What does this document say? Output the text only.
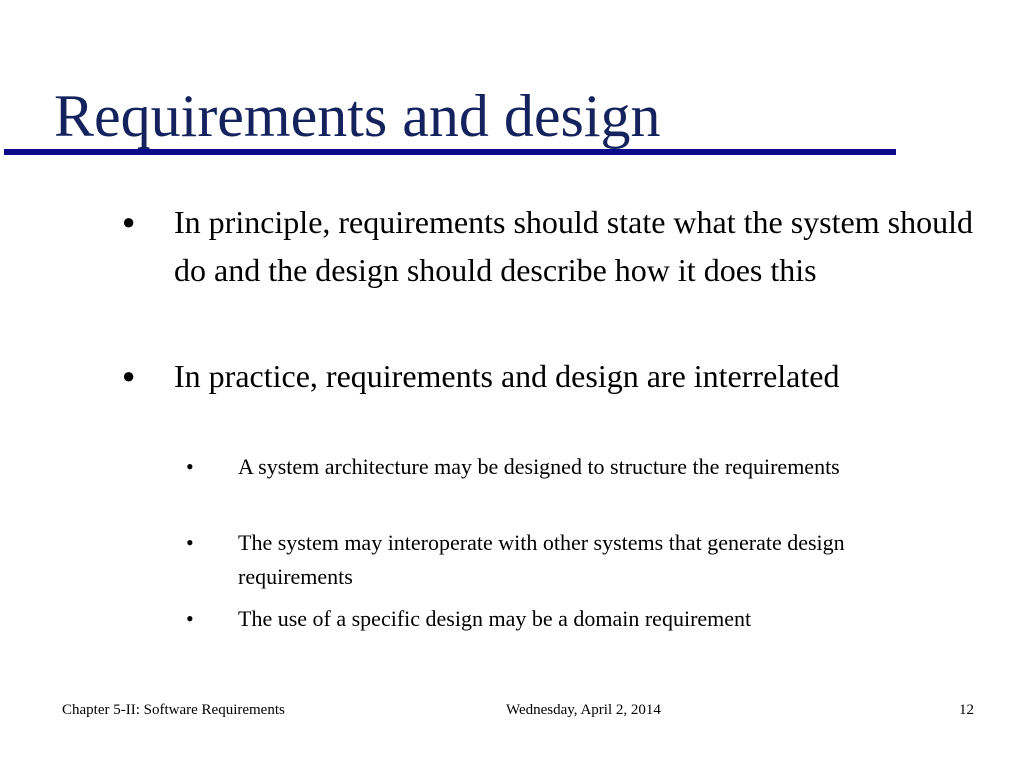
Requirements and design
● In principle, requirements should state what the system should do and the design should describe how it does this
● In practice, requirements and design are interrelated
• A system architecture may be designed to structure the requirements
• The system may interoperate with other systems that generate design requirements
• The use of a specific design may be a domain requirement
Chapter 5-II: Software Requirements	Wednesday, April 2, 2014	12
